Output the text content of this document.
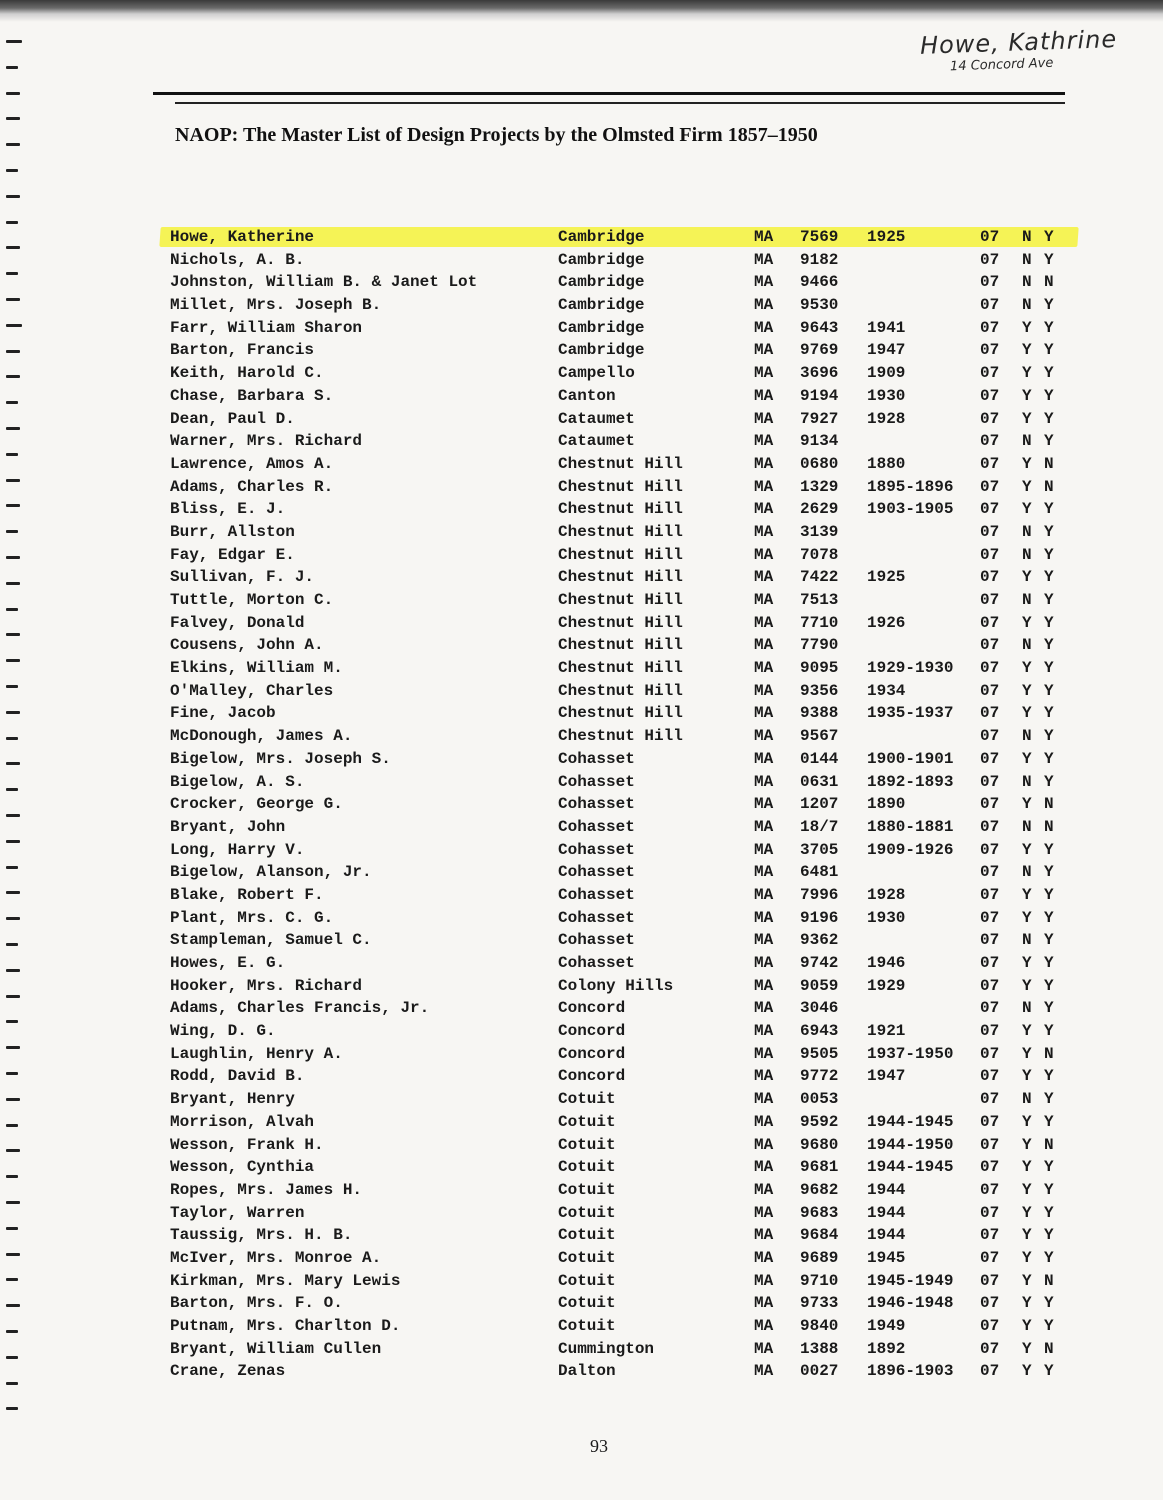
Howe, Kathrine
14 Concord Ave
NAOP: The Master List of Design Projects by the Olmsted Firm 1857–1950
Howe, Katherine	Cambridge	MA 7569 1925	07 N Y
Nichols, A. B.	Cambridge	MA 9182	07 N Y
Johnston, William B. & Janet Lot	Cambridge	MA 9466	07 N N
Millet, Mrs. Joseph B.	Cambridge	MA 9530	07 N Y
Farr, William Sharon	Cambridge	MA 9643 1941	07 Y Y
Barton, Francis	Cambridge	MA 9769 1947	07 Y Y
Keith, Harold C.	Campello	MA 3696 1909	07 Y Y
Chase, Barbara S.	Canton	MA 9194 1930	07 Y Y
Dean, Paul D.	Cataumet	MA 7927 1928	07 Y Y
Warner, Mrs. Richard	Cataumet	MA 9134	07 N Y
Lawrence, Amos A.	Chestnut Hill	MA 0680 1880	07 Y N
Adams, Charles R.	Chestnut Hill	MA 1329 1895-1896 07 Y N
Bliss, E. J.	Chestnut Hill	MA 2629 1903-1905 07 Y Y
Burr, Allston	Chestnut Hill	MA 3139	07 N Y
Fay, Edgar E.	Chestnut Hill	MA 7078	07 N Y
Sullivan, F. J.	Chestnut Hill	MA 7422 1925	07 Y Y
Tuttle, Morton C.	Chestnut Hill	MA 7513	07 N Y
Falvey, Donald	Chestnut Hill	MA 7710 1926	07 Y Y
Cousens, John A.	Chestnut Hill	MA 7790	07 N Y
Elkins, William M.	Chestnut Hill	MA 9095 1929-1930 07 Y Y
O'Malley, Charles	Chestnut Hill	MA 9356 1934	07 Y Y
Fine, Jacob	Chestnut Hill	MA 9388 1935-1937 07 Y Y
McDonough, James A.	Chestnut Hill	MA 9567	07 N Y
Bigelow, Mrs. Joseph S.	Cohasset	MA 0144 1900-1901 07 Y Y
Bigelow, A. S.	Cohasset	MA 0631 1892-1893 07 N Y
Crocker, George G.	Cohasset	MA 1207 1890	07 Y N
Bryant, John	Cohasset	MA 18/7 1880-1881 07 N N
Long, Harry V.	Cohasset	MA 3705 1909-1926 07 Y Y
Bigelow, Alanson, Jr.	Cohasset	MA 6481	07 N Y
Blake, Robert F.	Cohasset	MA 7996 1928	07 Y Y
Plant, Mrs. C. G.	Cohasset	MA 9196 1930	07 Y Y
Stampleman, Samuel C.	Cohasset	MA 9362	07 N Y
Howes, E. G.	Cohasset	MA 9742 1946	07 Y Y
Hooker, Mrs. Richard	Colony Hills	MA 9059 1929	07 Y Y
Adams, Charles Francis, Jr.	Concord	MA 3046	07 N Y
Wing, D. G.	Concord	MA 6943 1921	07 Y Y
Laughlin, Henry A.	Concord	MA 9505 1937-1950 07 Y N
Rodd, David B.	Concord	MA 9772 1947	07 Y Y
Bryant, Henry	Cotuit	MA 0053	07 N Y
Morrison, Alvah	Cotuit	MA 9592 1944-1945 07 Y Y
Wesson, Frank H.	Cotuit	MA 9680 1944-1950 07 Y N
Wesson, Cynthia	Cotuit	MA 9681 1944-1945 07 Y Y
Ropes, Mrs. James H.	Cotuit	MA 9682 1944	07 Y Y
Taylor, Warren	Cotuit	MA 9683 1944	07 Y Y
Taussig, Mrs. H. B.	Cotuit	MA 9684 1944	07 Y Y
McIver, Mrs. Monroe A.	Cotuit	MA 9689 1945	07 Y Y
Kirkman, Mrs. Mary Lewis	Cotuit	MA 9710 1945-1949 07 Y N
Barton, Mrs. F. O.	Cotuit	MA 9733 1946-1948 07 Y Y
Putnam, Mrs. Charlton D.	Cotuit	MA 9840 1949	07 Y Y
Bryant, William Cullen	Cummington	MA 1388 1892	07 Y N
Crane, Zenas	Dalton	MA 0027 1896-1903 07 Y Y
93
